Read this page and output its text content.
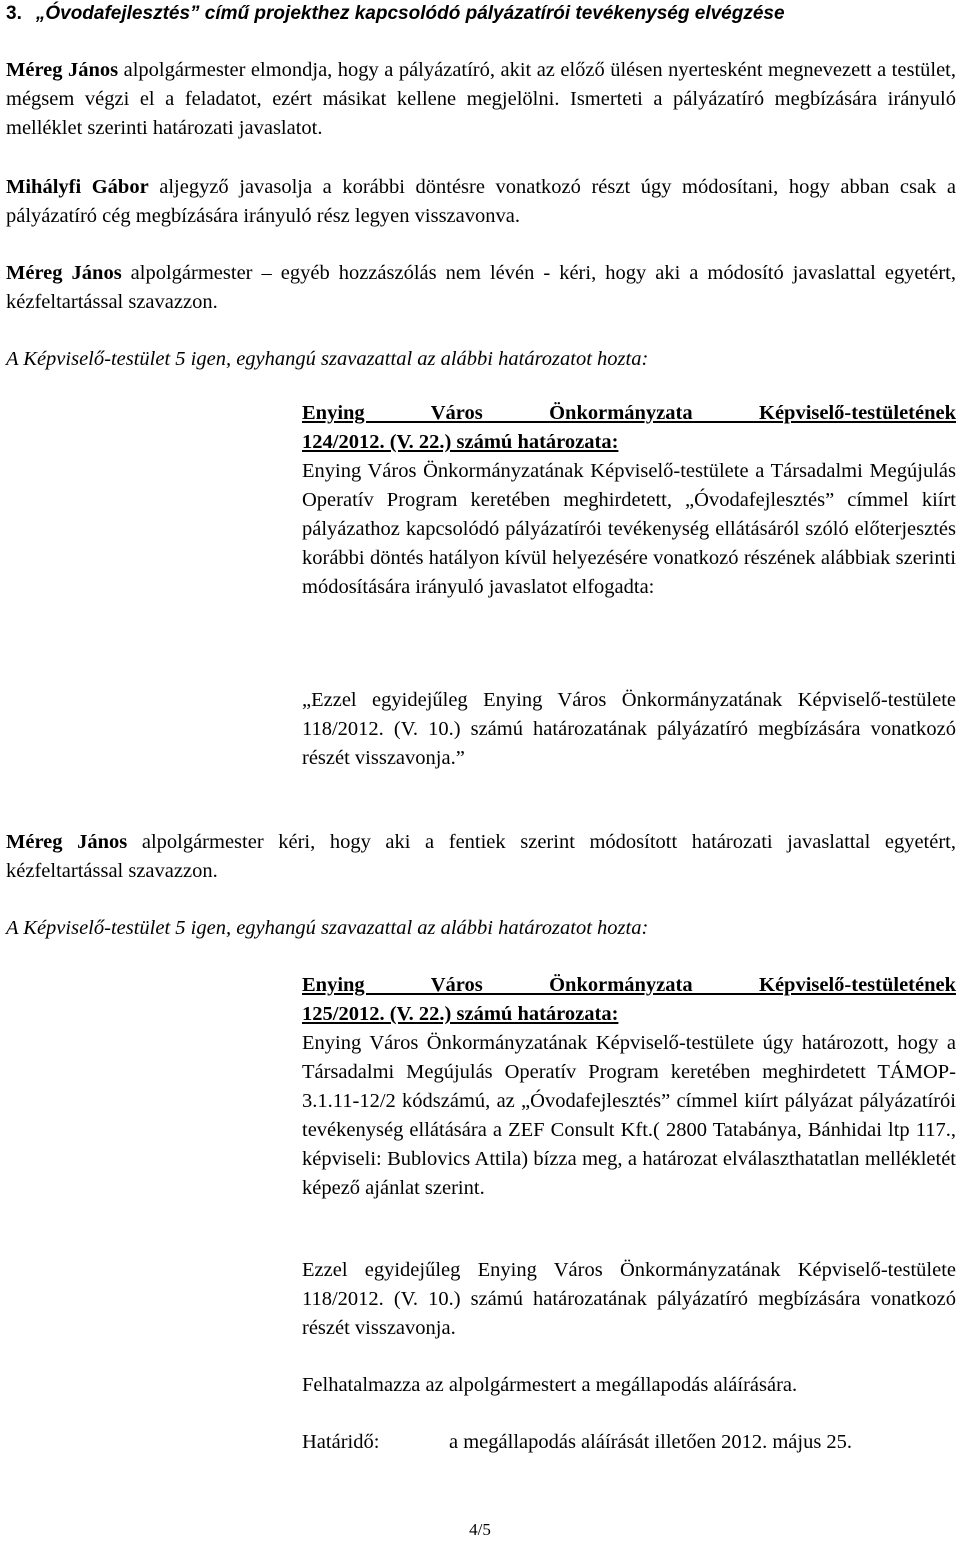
3. „Óvodafejlesztés” című projekthez kapcsolódó pályázatírói tevékenység elvégzése

Méreg János alpolgármester elmondja, hogy a pályázatíró, akit az előző ülésen nyertesként megnevezett a testület, mégsem végzi el a feladatot, ezért másikat kellene megjelölni. Ismerteti a pályázatíró megbízására irányuló melléklet szerinti határozati javaslatot.

Mihályfi Gábor aljegyző javasolja a korábbi döntésre vonatkozó részt úgy módosítani, hogy abban csak a pályázatíró cég megbízására irányuló rész legyen visszavonva.

Méreg János alpolgármester – egyéb hozzászólás nem lévén - kéri, hogy aki a módosító javaslattal egyetért, kézfeltartással szavazzon.

A Képviselő-testület 5 igen, egyhangú szavazattal az alábbi határozatot hozta:

Enying Város Önkormányzata Képviselő-testületének
124/2012. (V. 22.) számú határozata:

Enying Város Önkormányzatának Képviselő-testülete a Társadalmi Megújulás Operatív Program keretében meghirdetett, „Óvodafejlesztés” címmel kiírt pályázathoz kapcsolódó pályázatírói tevékenység ellátásáról szóló előterjesztés korábbi döntés hatályon kívül helyezésére vonatkozó részének alábbiak szerinti módosítására irányuló javaslatot elfogadta:

„Ezzel egyidejűleg Enying Város Önkormányzatának Képviselő-testülete 118/2012. (V. 10.) számú határozatának pályázatíró megbízására vonatkozó részét visszavonja.”

Méreg János alpolgármester kéri, hogy aki a fentiek szerint módosított határozati javaslattal egyetért, kézfeltartással szavazzon.

A Képviselő-testület 5 igen, egyhangú szavazattal az alábbi határozatot hozta:

Enying Város Önkormányzata Képviselő-testületének
125/2012. (V. 22.) számú határozata:

Enying Város Önkormányzatának Képviselő-testülete úgy határozott, hogy a Társadalmi Megújulás Operatív Program keretében meghirdetett TÁMOP-3.1.11-12/2 kódszámú, az „Óvodafejlesztés” címmel kiírt pályázat pályázatírói tevékenység ellátására a ZEF Consult Kft.( 2800 Tatabánya, Bánhidai ltp 117., képviseli: Bublovics Attila) bízza meg, a határozat elválaszthatatlan mellékletét képező ajánlat szerint.

Ezzel egyidejűleg Enying Város Önkormányzatának Képviselő-testülete 118/2012. (V. 10.) számú határozatának pályázatíró megbízására vonatkozó részét visszavonja.

Felhatalmazza az alpolgármestert a megállapodás aláírására.

Határidő:	a megállapodás aláírását illetően 2012. május 25.

4/5
